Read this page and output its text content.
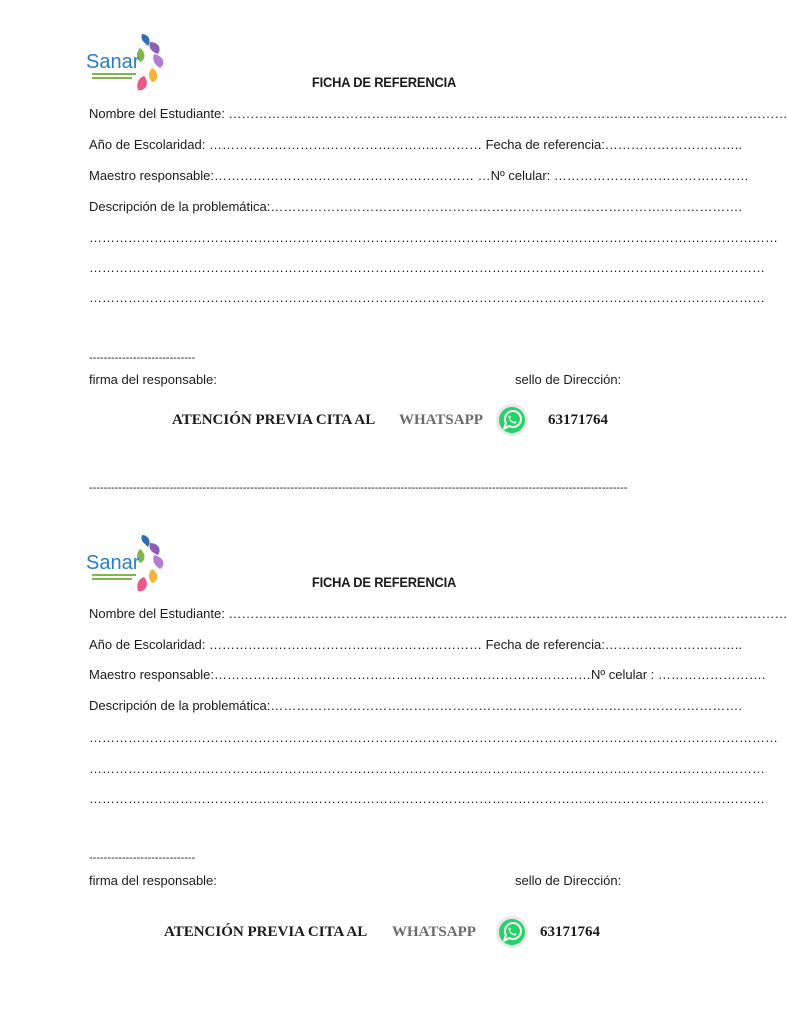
Sanar
FICHA DE REFERENCIA
Nombre del Estudiante: …………………………………………………………………………………………………………………
Año de Escolaridad: ……………………………………………………… Fecha de referencia:…………………………..
Maestro responsable:…………………………………………………… …Nº celular: ………………………………………
Descripción de la problemática:……………………………………………………………………………………………….
……………………………………………………………………………………………………………………………………………
…………………………………………………………………………………………………………………………………………
…………………………………………………………………………………………………………………………………………
-----------------------------
firma del responsable:	sello de Dirección:
ATENCIÓN PREVIA CITA AL WHATSAPP	63171764
---------------------------------------------------------------------------------------------------------------------------------------------------
Sanar
FICHA DE REFERENCIA
Nombre del Estudiante: …………………………………………………………………………………………………………………
Año de Escolaridad: ……………………………………………………… Fecha de referencia:…………………………..
Maestro responsable:……………………………………………………………………………Nº celular : …………………….
Descripción de la problemática:……………………………………………………………………………………………….
……………………………………………………………………………………………………………………………………………
…………………………………………………………………………………………………………………………………………
…………………………………………………………………………………………………………………………………………
-----------------------------
firma del responsable:	sello de Dirección:
ATENCIÓN PREVIA CITA AL WHATSAPP	63171764
